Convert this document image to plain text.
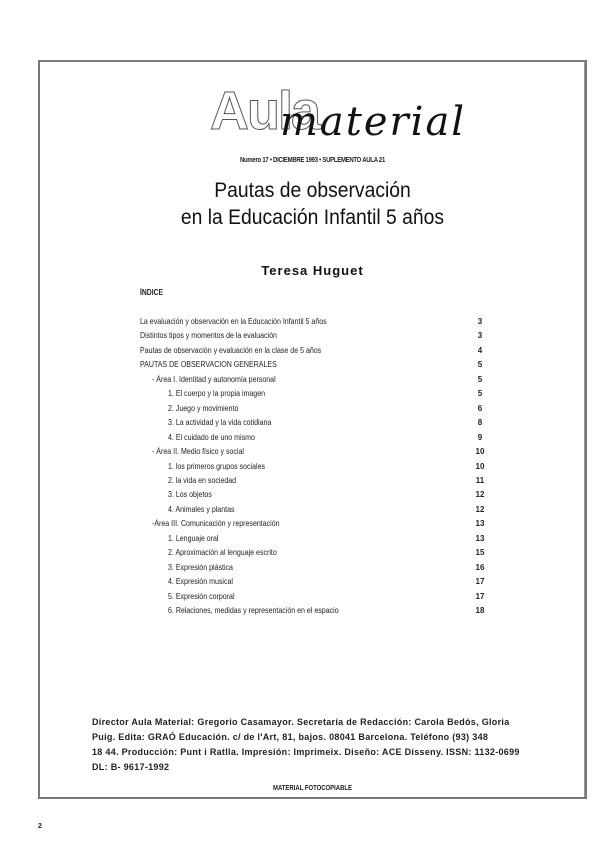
Aula
material
Numero 17 • DICIEMBRE 1993 • SUPLEMENTO AULA 21
Pautas de observación
en la Educación Infantil 5 años
Teresa Huguet
ÍNDICE
La evaluación y observación en la Educación Infantil 5 años	3
Distintos tipos y momentos de la evaluación	3
Pautas de observación y evaluación en la clase de 5 años	4
PAUTAS DE OBSERVACION GENERALES	5
- Área I. Identitad y autonomía personal	5
1. El cuerpo y la propia imagen	5
2. Juego y movimiento	6
3. La actividad y la vida cotidiana	8
4. El cuidado de uno mismo	9
- Área II. Medio físico y social	10
1. los primeros grupos sociales	10
2. la vida en sociedad	11
3. Los objetos	12
4. Animales y plantas	12
-Área III. Comunicación y representación	13
1. Lenguaje oral	13
2. Aproximación al lenguaje escrito	15
3. Expresión plástica	16
4. Expresión musical	17
5. Expresión corporal	17
6. Relaciones, medidas y representación en el espacio	18
Director Aula Material: Gregorio Casamayor. Secretaría de Redacción: Carola Bedós, Gloria
Puig. Edita: GRAÓ Educación. c/ de l'Art, 81, bajos. 08041 Barcelona. Teléfono (93) 348
18 44. Producción: Punt i Ratlla. Impresión: Imprimeix. Diseño: ACE Disseny. ISSN: 1132-0699
DL: B- 9617-1992
MATERIAL FOTOCOPIABLE
2
